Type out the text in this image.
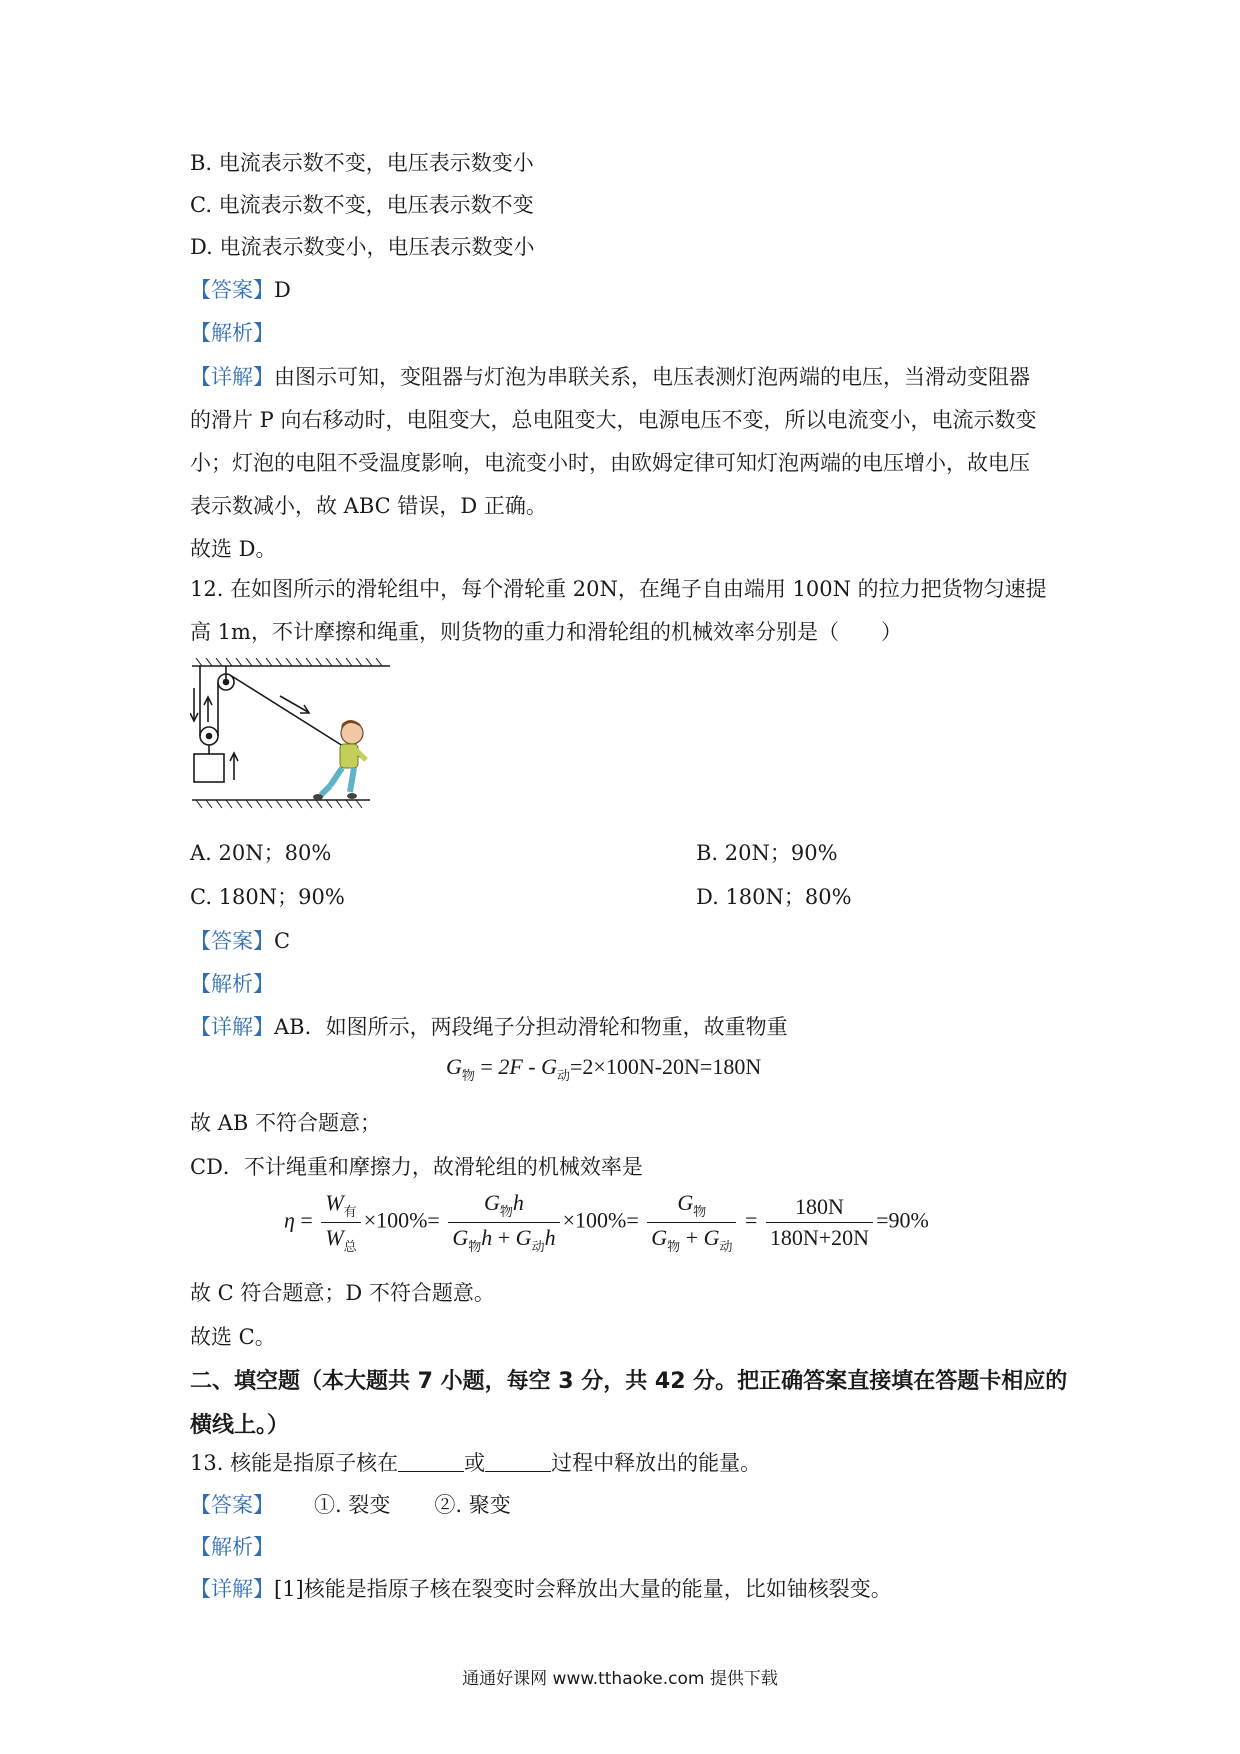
B. 电流表示数不变，电压表示数变小
C. 电流表示数不变，电压表示数不变
D. 电流表示数变小，电压表示数变小
【答案】D
【解析】
【详解】由图示可知，变阻器与灯泡为串联关系，电压表测灯泡两端的电压，当滑动变阻器的滑片 P 向右移动时，电阻变大，总电阻变大，电源电压不变，所以电流变小，电流示数变小；灯泡的电阻不受温度影响，电流变小时，由欧姆定律可知灯泡两端的电压增小，故电压表示数减小，故 ABC 错误，D 正确。
故选 D。
12. 在如图所示的滑轮组中，每个滑轮重 20N，在绳子自由端用 100N 的拉力把货物匀速提高 1m，不计摩擦和绳重，则货物的重力和滑轮组的机械效率分别是（　　）
A. 20N；80%	B. 20N；90%
C. 180N；90%	D. 180N；80%
【答案】C
【解析】
【详解】AB．如图所示，两段绳子分担动滑轮和物重，故重物重
$G_物 = 2F - G_动=2\times 100N-20N=180N$
故 AB 不符合题意；
CD．不计绳重和摩擦力，故滑轮组的机械效率是
$\eta = \frac{W_有}{W_总} \times 100\%= \frac{G_物h}{G_物h + G_动h} \times 100\%= \frac{G_物}{G_物 + G_动} = \frac{180N}{180N+20N} =90\%$
故 C 符合题意；D 不符合题意。
故选 C。
二、填空题（本大题共 7 小题，每空 3 分，共 42 分。把正确答案直接填在答题卡相应的横线上。）
13. 核能是指原子核在	或	过程中释放出的能量。
【答案】 ①. 裂变 ②. 聚变
【解析】
【详解】[1]核能是指原子核在裂变时会释放出大量的能量，比如铀核裂变。
通通好课网 www.tthaoke.com 提供下载
